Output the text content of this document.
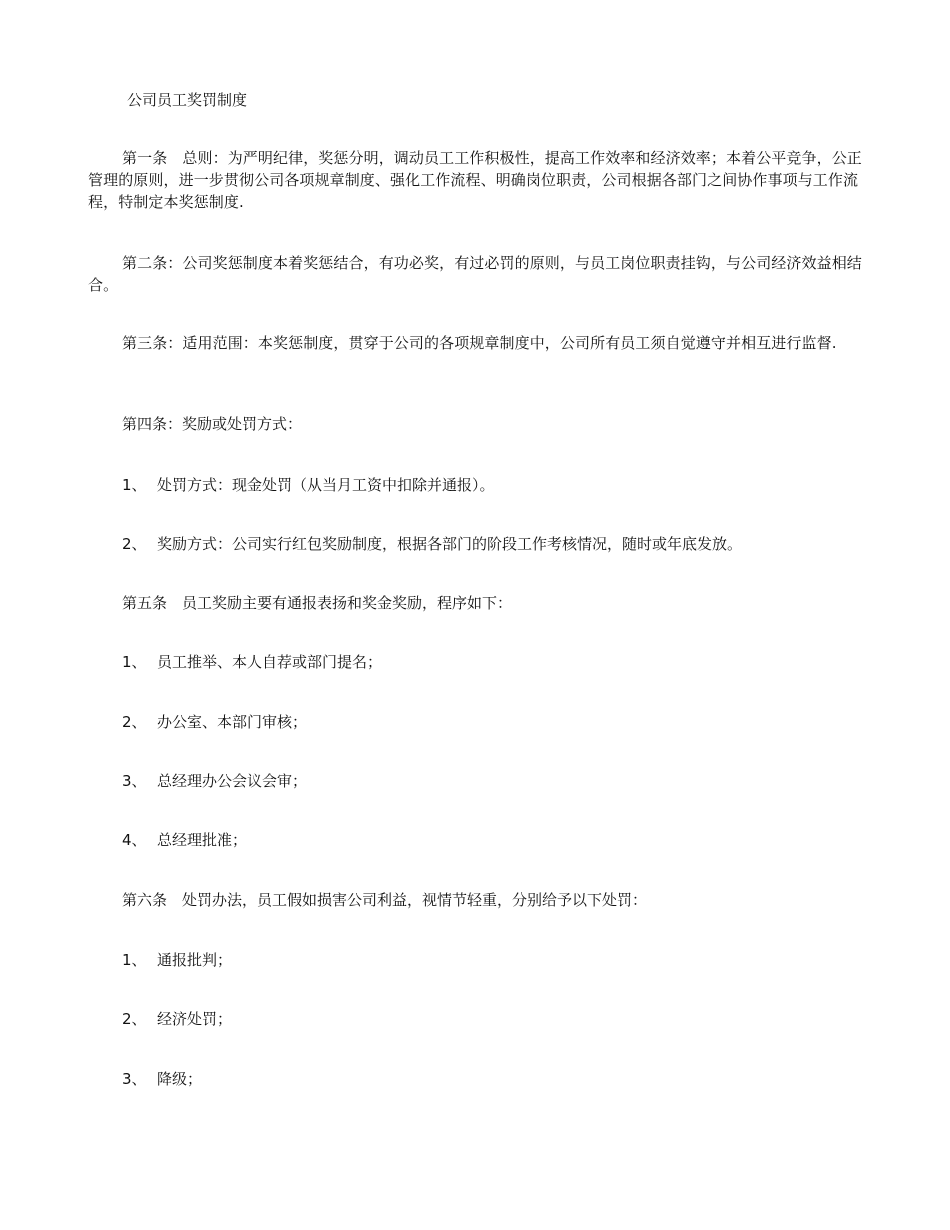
公司员工奖罚制度

第一条　总则：为严明纪律，奖惩分明，调动员工工作积极性，提高工作效率和经济效率；本着公平竞争，公正管理的原则，进一步贯彻公司各项规章制度、强化工作流程、明确岗位职责，公司根据各部门之间协作事项与工作流程，特制定本奖惩制度.

第二条：公司奖惩制度本着奖惩结合，有功必奖，有过必罚的原则，与员工岗位职责挂钩，与公司经济效益相结合。

第三条：适用范围：本奖惩制度，贯穿于公司的各项规章制度中，公司所有员工须自觉遵守并相互进行监督.

第四条：奖励或处罚方式：
1、 处罚方式：现金处罚（从当月工资中扣除并通报）。
2、 奖励方式：公司实行红包奖励制度，根据各部门的阶段工作考核情况，随时或年底发放。
第五条　员工奖励主要有通报表扬和奖金奖励，程序如下：
1、 员工推举、本人自荐或部门提名；
2、 办公室、本部门审核；
3、 总经理办公会议会审；
4、 总经理批准；
第六条　处罚办法，员工假如损害公司利益，视情节轻重，分别给予以下处罚：
1、 通报批判；
2、 经济处罚；
3、 降级；
